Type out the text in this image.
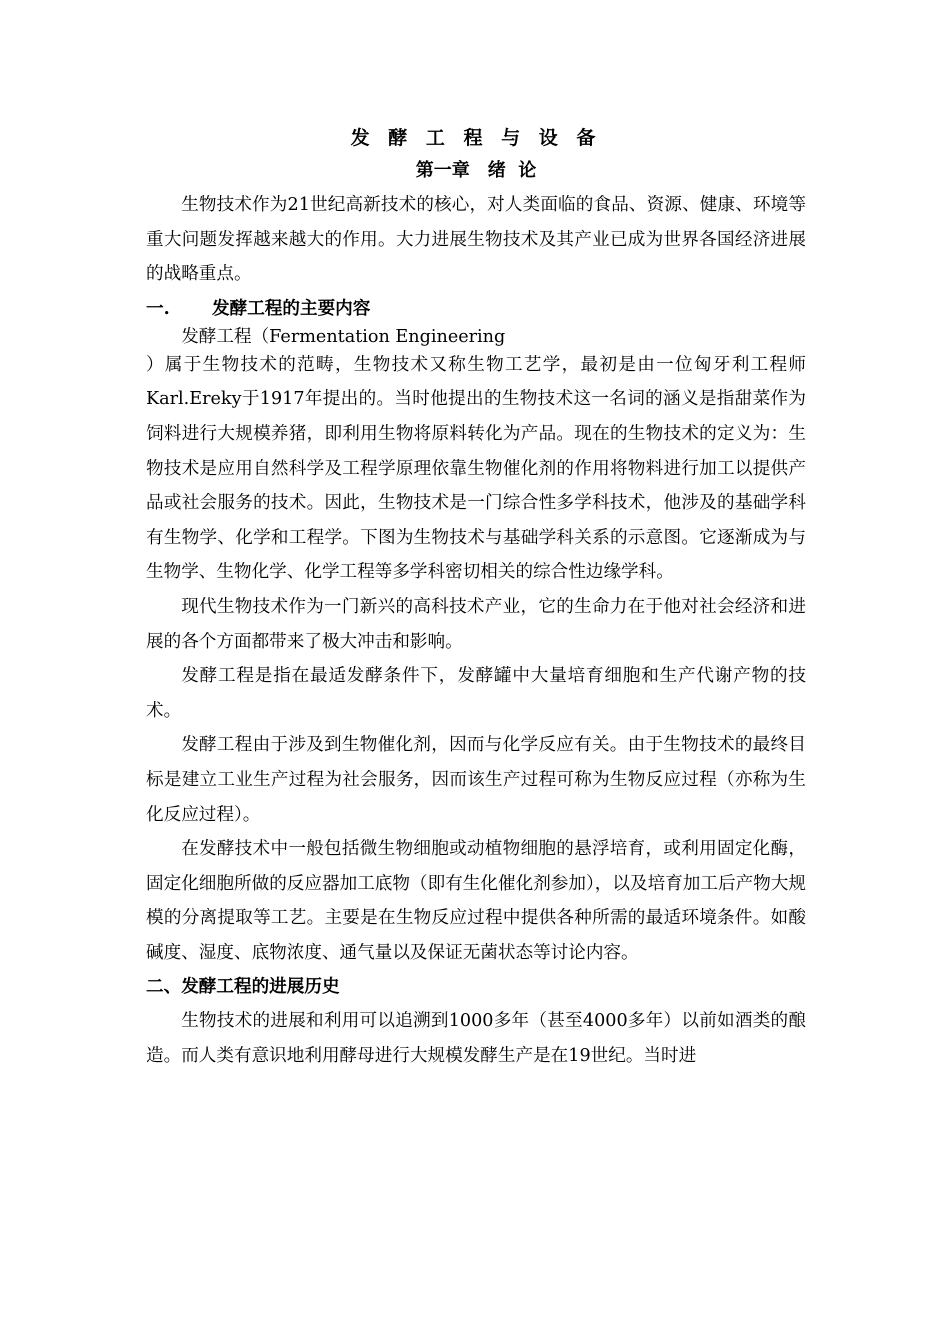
发 酵 工 程 与 设 备
第一章　绪  论

生物技术作为21世纪高新技术的核心，对人类面临的食品、资源、健康、环境等重大问题发挥越来越大的作用。大力进展生物技术及其产业已成为世界各国经济进展的战略重点。

一. 发酵工程的主要内容
发酵工程（Fermentation Engineering

）属于生物技术的范畴，生物技术又称生物工艺学，最初是由一位匈牙利工程师Karl.Ereky于1917年提出的。当时他提出的生物技术这一名词的涵义是指甜菜作为饲料进行大规模养猪，即利用生物将原料转化为产品。现在的生物技术的定义为：生物技术是应用自然科学及工程学原理依靠生物催化剂的作用将物料进行加工以提供产品或社会服务的技术。因此，生物技术是一门综合性多学科技术，他涉及的基础学科有生物学、化学和工程学。下图为生物技术与基础学科关系的示意图。它逐渐成为与生物学、生物化学、化学工程等多学科密切相关的综合性边缘学科。

现代生物技术作为一门新兴的高科技术产业，它的生命力在于他对社会经济和进展的各个方面都带来了极大冲击和影响。

发酵工程是指在最适发酵条件下，发酵罐中大量培育细胞和生产代谢产物的技术。

发酵工程由于涉及到生物催化剂，因而与化学反应有关。由于生物技术的最终目标是建立工业生产过程为社会服务，因而该生产过程可称为生物反应过程（亦称为生化反应过程）。

在发酵技术中一般包括微生物细胞或动植物细胞的悬浮培育，或利用固定化酶，固定化细胞所做的反应器加工底物（即有生化催化剂参加），以及培育加工后产物大规模的分离提取等工艺。主要是在生物反应过程中提供各种所需的最适环境条件。如酸碱度、湿度、底物浓度、通气量以及保证无菌状态等讨论内容。

二、发酵工程的进展历史

生物技术的进展和利用可以追溯到1000多年（甚至4000多年）以前如酒类的酿造。而人类有意识地利用酵母进行大规模发酵生产是在19世纪。当时进
